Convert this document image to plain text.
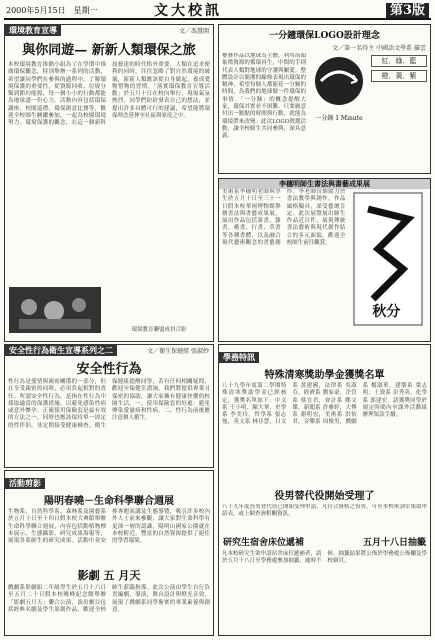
2000年5月15日　星期一	文大校訊	第3版
環境教育宣導	文／馮慧開
與你同遊— 新新人類環保之旅
本校環境教育推動小組為了在學期中推廣環保觀念，特別舉辦一系列的活動，希望讓同學們在參與的過程中，了解環境保護的重要性。從資源回收、垃圾分類到節約能源，每一個小小的行動都能為地球盡一份心力。活動內容包括環保講座、校園巡禮、環保創意比賽等，歡迎全校師生踴躍參加，一起為校園環境努力。環境保護的觀念，在這一個新科技發達的時代格外重要，人類在追求便利的同時，往往忽略了對自然環境的破壞，新新人類應該從自身做起，養成愛物惜物的習慣。「落實環保教育宣導活動」於五月十日在校內舉行，現場氣氛熱烈，同學們紛紛發表自己的想法，並提出許多具體可行的建議，希望能將環保理念延伸至社區與家庭之中。
環境教育聯盟成員合影
安全性行為衛生宣導系列之二	文／衛生保健組 張淑妙
安全性行為
性行為是愛情與親密關係的一部分，但在享受親密的同時，必須負起相對的責任。所謂安全性行為，是指在性行為中採取適當的保護措施，以避免感染性病或意外懷孕。正確使用保險套是最有效的方法之一，同時也應該保持單一固定的性伴侶，並定期接受健康檢查。衛生保健組提醒同學，若有任何相關疑問，歡迎至保健室諮詢，我們將提供專業且保密的協助，讓大家擁有健康快樂的校園生活。一、使用保險套的好處：避免傳染愛滋病和性病。二、性行為前後應注意個人衛生。
活動剪影
陽明春曉－生命科學聯合週展
生物系、自然科學系、森林系及園藝系於五月十日至十四日假本校大典館舉辦生命科學聯合週展，內容包括動植物標本展示、生態攝影、研究成果海報等，展現各系師生的研究成果。活動中並安排專題演講及生態導覽，吸引許多校內外人士前來參觀，讓大家對生命科學有更深一層的認識。陽明山國家公園就在本校附近，豐富的自然資源提供了絕佳的學習環境。
影劇 五 月天
戲劇系影劇組二年級學生於五月十六日至五月二十日假本校曉峰紀念館舉辦「影劇五月天」聯合公演，演出劇目包括經典名劇及學生原創作品，歡迎全校師生蒞臨指導。此次公演由學生自行負責編劇、導演、舞台設計與燈光音效，展現了戲劇系同學紮實的專業素養與創意。
一分鐘環保LOGO設計理念
文／第一名得主 中國語文學系 羅雲
參賽作品以地球為主體，利用箭頭象徵資源的循環再生，中間的手則代表人類對地球的守護與關愛。整體設計以簡潔的線條表現出環保的精神，希望每個人都能花一分鐘的時間，為我們的地球做一件環保的事情。「一分鐘」的概念提醒大家，環保其實並不困難，只要願意付出一點點的時間與行動，就能為環境帶來改變。此次LOGO徵選活動，讓全校師生共同參與，深具意義。
一分鐘 1 Minute
紅．綠．藍
橙．黃．紫
李穗明師生書法與書藝成果展
美術系李穗明老師與學生於五月十日至三十一日假本校華岡博物館舉辦書法與書藝成果展，展出作品包括篆書、隸書、楷書、行書、草書等各種書體，以及融合現代藝術觀念的書藝創作。李老師長期致力於書法教學與創作，作品風格獨具，深受藝壇肯定。此次展覽展出師生作品近百件，展現傳統書法藝術與現代創作結合的多元面貌，歡迎全校師生前往觀賞。
秋分
學務特訊
特殊清寒獎助學金獲獎名單
八十九學年度第二學期特殊清寒獎助學金已經核定，獲獎名單如下：中文系 王小明、陳大華，史學系 李美玲，哲學系 張志強，英文系 林佳慧，日文系 黃建國，法律系 吳淑芬，經濟系 劉家豪，企管系 蔡宜君，會計系 鄭文傑，新聞系 許雅婷，大傳系 謝明宏，美術系 洪怡君，音樂系 周俊男，戲劇系 楊淑華，建築系 葉志明，土資系 彭秀英，化學系 郭建宏。請獲獎同學於規定時間內至課外活動組辦理領款手續。
役男替代役開始受理了
八十九年度役男替代役已開始受理申請，凡符合資格之役男，可至本校軍訓室領取申請表，或上網查詢相關資訊。
研究生宿舍床位遞補	五月十八日抽籤
凡本校研究生欲申請宿舍床位遞補者，請於五月十八日至學務處參加抽籤，逾時不候。抽籤結果將公佈於學務處公佈欄及學校網頁。
